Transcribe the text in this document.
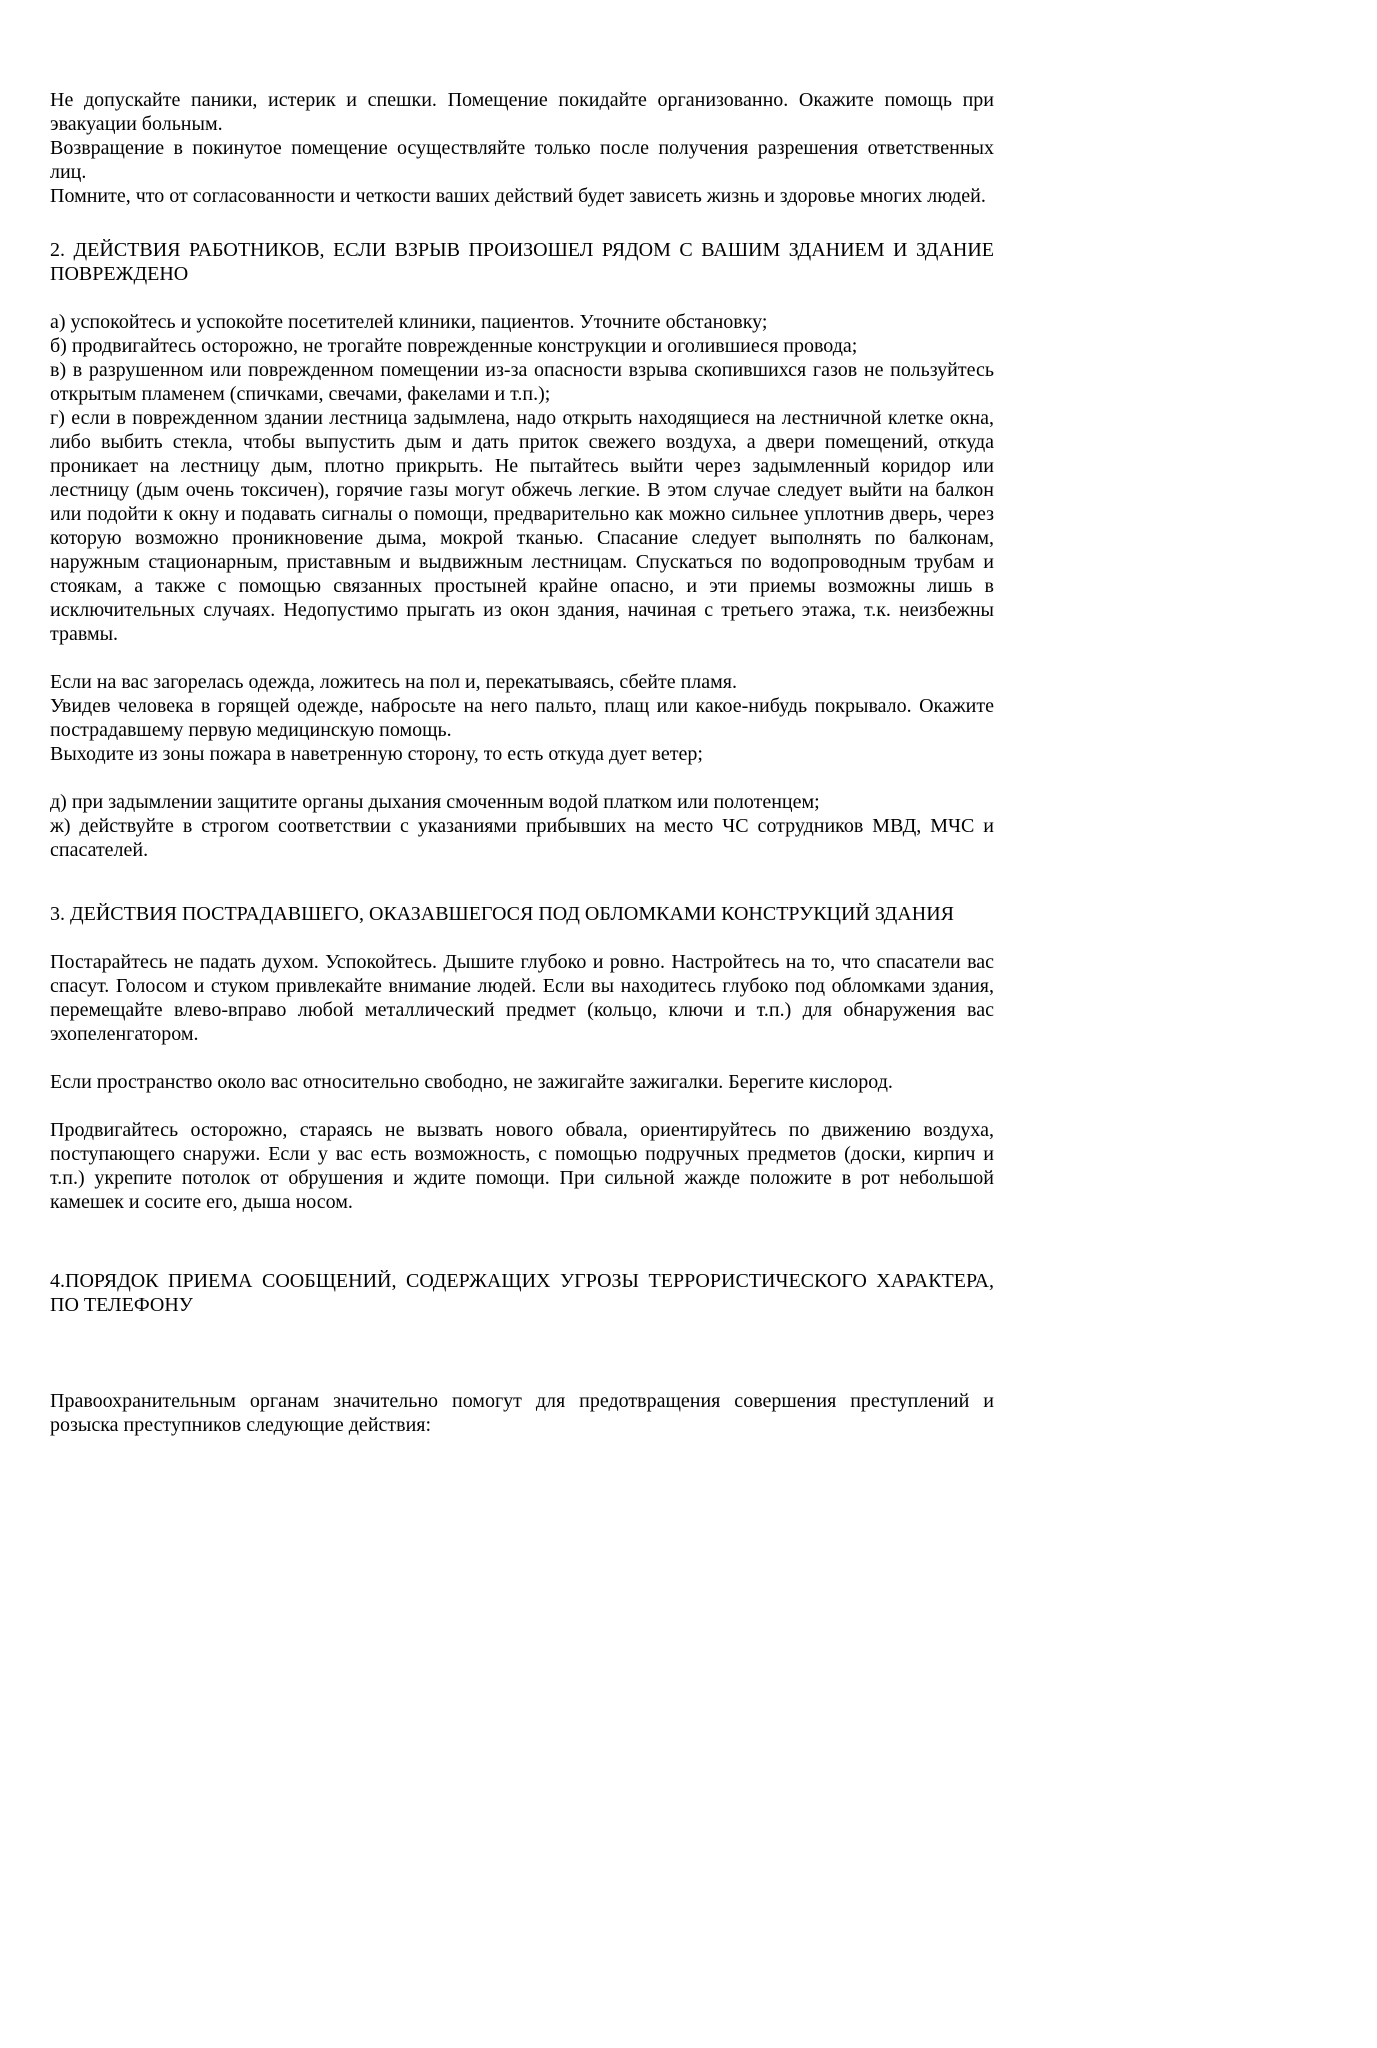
Не допускайте паники, истерик и спешки. Помещение покидайте организованно. Окажите помощь при эвакуации больным.

Возвращение в покинутое помещение осуществляйте только после получения разрешения ответственных лиц.

Помните, что от согласованности и четкости ваших действий будет зависеть жизнь и здоровье многих людей.

2. ДЕЙСТВИЯ РАБОТНИКОВ, ЕСЛИ ВЗРЫВ ПРОИЗОШЕЛ РЯДОМ С ВАШИМ ЗДАНИЕМ И ЗДАНИЕ ПОВРЕЖДЕНО

а) успокойтесь и успокойте посетителей клиники, пациентов. Уточните обстановку;

б) продвигайтесь осторожно, не трогайте поврежденные конструкции и оголившиеся провода;

в) в разрушенном или поврежденном помещении из-за опасности взрыва скопившихся газов не пользуйтесь открытым пламенем (спичками, свечами, факелами и т.п.);

г) если в поврежденном здании лестница задымлена, надо открыть находящиеся на лестничной клетке окна, либо выбить стекла, чтобы выпустить дым и дать приток свежего воздуха, а двери помещений, откуда проникает на лестницу дым, плотно прикрыть. Не пытайтесь выйти через задымленный коридор или лестницу (дым очень токсичен), горячие газы могут обжечь легкие. В этом случае следует выйти на балкон или подойти к окну и подавать сигналы о помощи, предварительно как можно сильнее уплотнив дверь, через которую возможно проникновение дыма, мокрой тканью. Спасание следует выполнять по балконам, наружным стационарным, приставным и выдвижным лестницам. Спускаться по водопроводным трубам и стоякам, а также с помощью связанных простыней крайне опасно, и эти приемы возможны лишь в исключительных случаях. Недопустимо прыгать из окон здания, начиная с третьего этажа, т.к. неизбежны травмы.

Если на вас загорелась одежда, ложитесь на пол и, перекатываясь, сбейте пламя.

Увидев человека в горящей одежде, набросьте на него пальто, плащ или какое-нибудь покрывало. Окажите пострадавшему первую медицинскую помощь.

Выходите из зоны пожара в наветренную сторону, то есть откуда дует ветер;

д) при задымлении защитите органы дыхания смоченным водой платком или полотенцем;

ж) действуйте в строгом соответствии с указаниями прибывших на место ЧС сотрудников МВД, МЧС и спасателей.

3. ДЕЙСТВИЯ ПОСТРАДАВШЕГО, ОКАЗАВШЕГОСЯ ПОД ОБЛОМКАМИ КОНСТРУКЦИЙ ЗДАНИЯ

Постарайтесь не падать духом. Успокойтесь. Дышите глубоко и ровно. Настройтесь на то, что спасатели вас спасут. Голосом и стуком привлекайте внимание людей. Если вы находитесь глубоко под обломками здания, перемещайте влево-вправо любой металлический предмет (кольцо, ключи и т.п.) для обнаружения вас эхопеленгатором.

Если пространство около вас относительно свободно, не зажигайте зажигалки. Берегите кислород.

Продвигайтесь осторожно, стараясь не вызвать нового обвала, ориентируйтесь по движению воздуха, поступающего снаружи. Если у вас есть возможность, с помощью подручных предметов (доски, кирпич и т.п.) укрепите потолок от обрушения и ждите помощи. При сильной жажде положите в рот небольшой камешек и сосите его, дыша носом.

4.ПОРЯДОК ПРИЕМА СООБЩЕНИЙ, СОДЕРЖАЩИХ УГРОЗЫ ТЕРРОРИСТИЧЕСКОГО ХАРАКТЕРА, ПО ТЕЛЕФОНУ

Правоохранительным органам значительно помогут для предотвращения совершения преступлений и розыска преступников следующие действия:
